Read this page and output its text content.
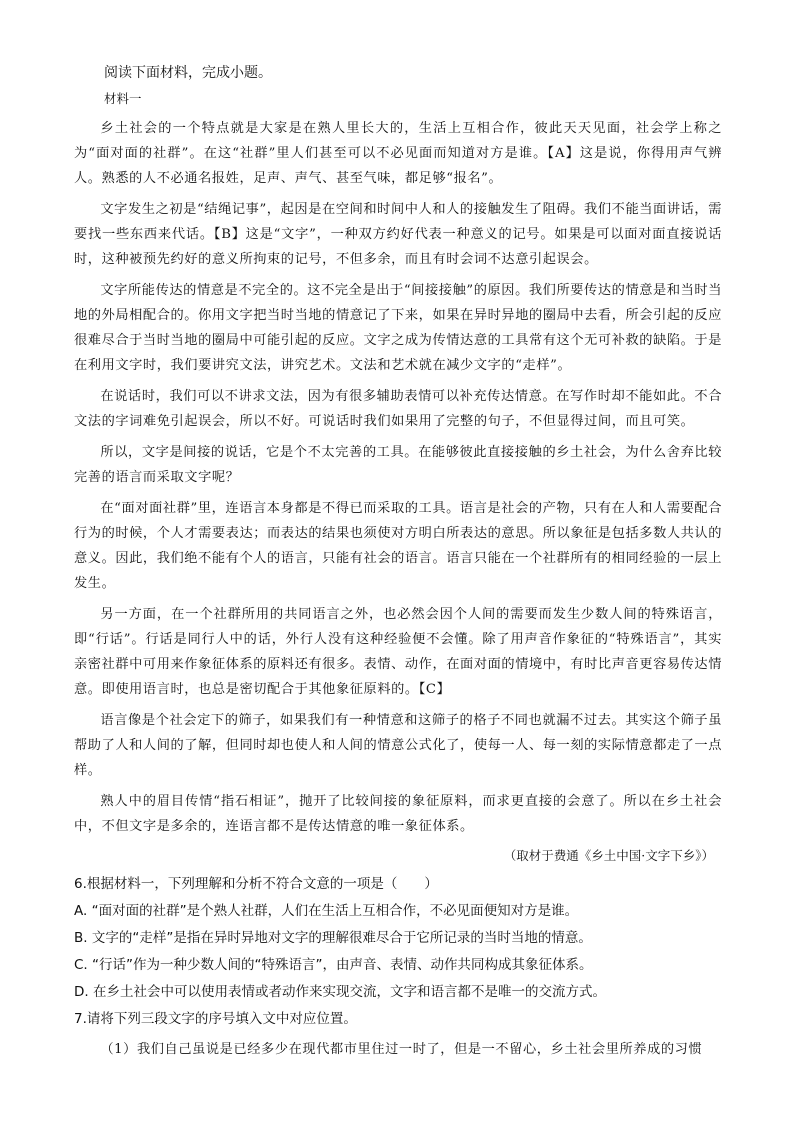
阅读下面材料，完成小题。
材料一

乡土社会的一个特点就是大家是在熟人里长大的，生活上互相合作，彼此天天见面，社会学上称之为“面对面的社群”。在这“社群”里人们甚至可以不必见面而知道对方是谁。【A】这是说，你得用声气辨人。熟悉的人不必通名报姓，足声、声气、甚至气味，都足够“报名”。

文字发生之初是“结绳记事”，起因是在空间和时间中人和人的接触发生了阻碍。我们不能当面讲话，需要找一些东西来代话。【B】这是“文字”，一种双方约好代表一种意义的记号。如果是可以面对面直接说话时，这种被预先约好的意义所拘束的记号，不但多余，而且有时会词不达意引起误会。

文字所能传达的情意是不完全的。这不完全是出于“间接接触”的原因。我们所要传达的情意是和当时当地的外局相配合的。你用文字把当时当地的情意记了下来，如果在异时异地的圈局中去看，所会引起的反应很难尽合于当时当地的圈局中可能引起的反应。文字之成为传情达意的工具常有这个无可补救的缺陷。于是在利用文字时，我们要讲究文法，讲究艺术。文法和艺术就在减少文字的“走样”。

在说话时，我们可以不讲求文法，因为有很多辅助表情可以补充传达情意。在写作时却不能如此。不合文法的字词难免引起误会，所以不好。可说话时我们如果用了完整的句子，不但显得过间，而且可笑。

所以，文字是间接的说话，它是个不太完善的工具。在能够彼此直接接触的乡土社会，为什么舍弃比较完善的语言而采取文字呢？

在“面对面社群”里，连语言本身都是不得已而采取的工具。语言是社会的产物，只有在人和人需要配合行为的时候，个人才需要表达；而表达的结果也须使对方明白所表达的意思。所以象征是包括多数人共认的意义。因此，我们绝不能有个人的语言，只能有社会的语言。语言只能在一个社群所有的相同经验的一层上发生。

另一方面，在一个社群所用的共同语言之外，也必然会因个人间的需要而发生少数人间的特殊语言，即“行话”。行话是同行人中的话，外行人没有这种经验便不会懂。除了用声音作象征的“特殊语言”，其实亲密社群中可用来作象征体系的原料还有很多。表情、动作，在面对面的情境中，有时比声音更容易传达情意。即使用语言时，也总是密切配合于其他象征原料的。【C】

语言像是个社会定下的筛子，如果我们有一种情意和这筛子的格子不同也就漏不过去。其实这个筛子虽帮助了人和人间的了解，但同时却也使人和人间的情意公式化了，使每一人、每一刻的实际情意都走了一点样。

熟人中的眉目传情“指石相证”，抛开了比较间接的象征原料，而求更直接的会意了。所以在乡土社会中，不但文字是多余的，连语言都不是传达情意的唯一象征体系。

（取材于费通《乡土中国·文字下乡》）
6.根据材料一，下列理解和分析不符合文意的一项是（　　）
A. “面对面的社群”是个熟人社群，人们在生活上互相合作，不必见面便知对方是谁。
B. 文字的“走样”是指在异时异地对文字的理解很难尽合于它所记录的当时当地的情意。
C. “行话”作为一种少数人间的“特殊语言”，由声音、表情、动作共同构成其象征体系。
D. 在乡土社会中可以使用表情或者动作来实现交流，文字和语言都不是唯一的交流方式。
7.请将下列三段文字的序号填入文中对应位置。
（1）我们自己虽说是已经多少在现代都市里住过一时了，但是一不留心，乡土社会里所养成的习惯
